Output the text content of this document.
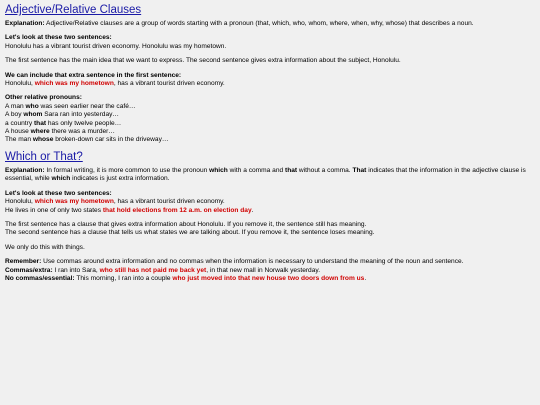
Adjective/Relative Clauses
Explanation: Adjective/Relative clauses are a group of words starting with a pronoun (that, which, who, whom, where, when, why, whose) that describes a noun.
Let's look at these two sentences:
Honolulu has a vibrant tourist driven economy. Honolulu was my hometown.
The first sentence has the main idea that we want to express. The second sentence gives extra information about the subject, Honolulu.
We can include that extra sentence in the first sentence:
Honolulu, which was my hometown, has a vibrant tourist driven economy.
Other relative pronouns:
A man who was seen earlier near the café…
A boy whom Sara ran into yesterday…
a country that has only twelve people…
A house where there was a murder…
The man whose broken-down car sits in the driveway…
Which or That?
Explanation: In formal writing, it is more common to use the pronoun which with a comma and that without a comma. That indicates that the information in the adjective clause is essential, while which indicates is just extra information.
Let's look at these two sentences:
Honolulu, which was my hometown, has a vibrant tourist driven economy.
He lives in one of only two states that hold elections from 12 a.m. on election day.
The first sentence has a clause that gives extra information about Honolulu. If you remove it, the sentence still has meaning.
The second sentence has a clause that tells us what states we are talking about. If you remove it, the sentence loses meaning.
We only do this with things.
Remember: Use commas around extra information and no commas when the information is necessary to understand the meaning of the noun and sentence.
Commas/extra: I ran into Sara, who still has not paid me back yet, in that new mall in Norwalk yesterday.
No commas/essential: This morning, I ran into a couple who just moved into that new house two doors down from us.
